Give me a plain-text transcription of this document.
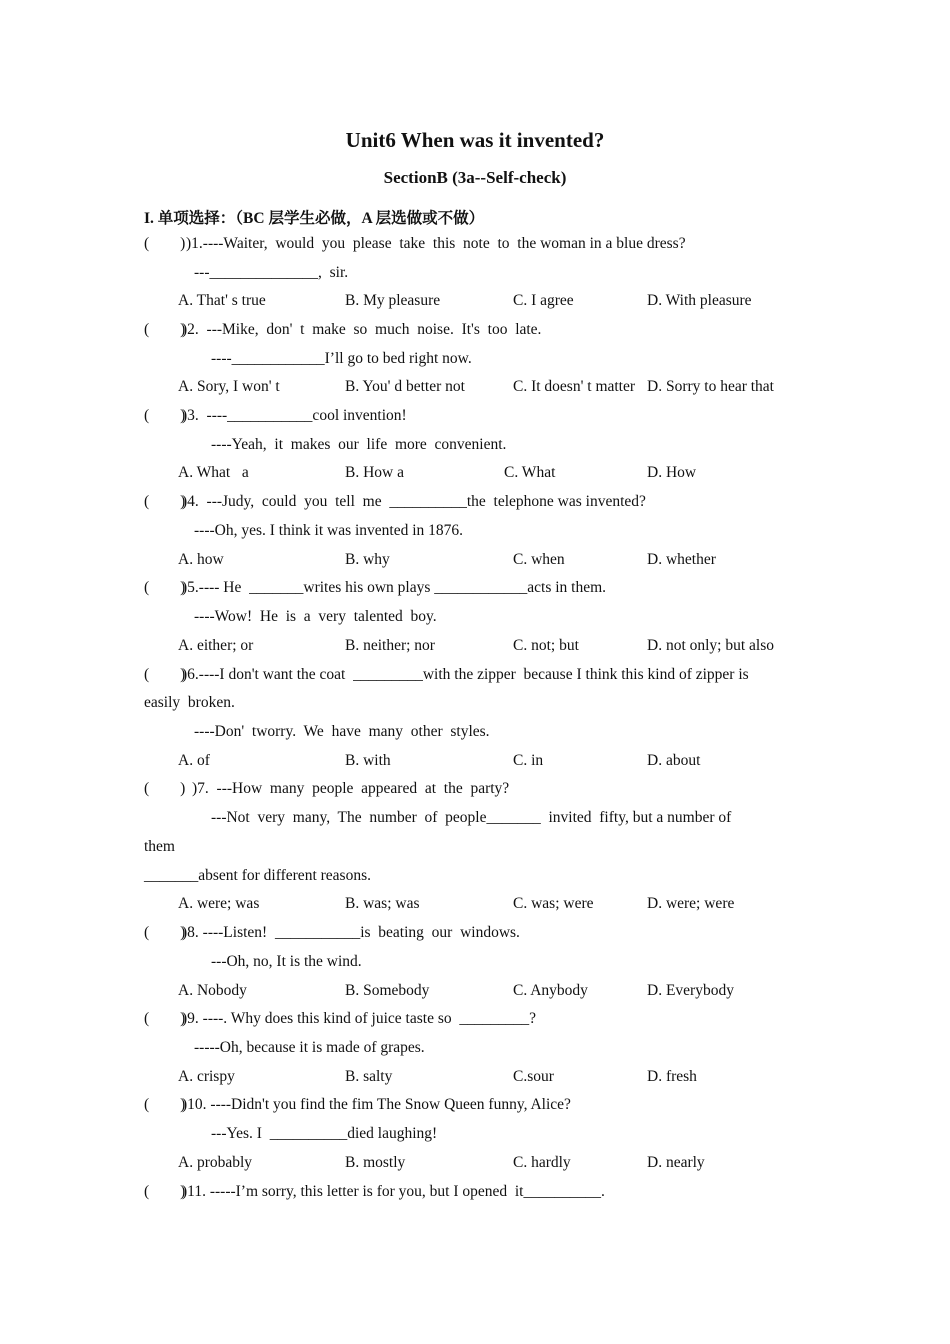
Unit6 When was it invented?
SectionB (3a--Self-check)
I. 单项选择：（BC 层学生必做，A 层选做或不做）
(        ) )1.----Waiter,  would  you  please  take  this  note  to  the woman in a blue dress?
---______________,  sir.
A. That' s true	B. My pleasure	C. I agree	D. With pleasure
(        )
)2.  ---Mike,  don'  t  make  so  much  noise.  It's  too  late.
----____________I’ll go to bed right now.
A. Sory, I won' t	B. You' d better not	C. It doesn' t matter D. Sorry to hear that
(        )
)3.  ----___________cool invention!
----Yeah,  it  makes  our  life  more  convenient.
A. What   a	B. How a	C. What	D. How
(        )
)4.  ---Judy,  could  you  tell  me  __________the  telephone was invented?
----Oh, yes. I think it was invented in 1876.
A. how	B. why	C. when	D. whether
(        )
)5.---- He  _______writes his own plays ____________acts in them.
----Wow!  He  is  a  very  talented  boy.
A. either; or	B. neither; nor	C. not; but	D. not only; but also
(        )
)6.----I don't want the coat  _________with the zipper  because I think this kind of zipper is
easily  broken.
----Don'  tworry.  We  have  many  other  styles.
A. of	B. with	C. in	D. about
(        ) )7.  ---How  many  people  appeared  at  the  party?
---Not  very  many,  The  number  of  people_______  invited  fifty, but a number of
them
_______absent for different reasons.
A. were; was	B. was; was	C. was; were	D. were; were
(        )
)8. ----Listen!  ___________is  beating  our  windows.
---Oh, no, It is the wind.
A. Nobody	B. Somebody	C. Anybody	D. Everybody
(        )
)9. ----. Why does this kind of juice taste so  _________?
-----Oh, because it is made of grapes.
A. crispy	B. salty	C.sour	D. fresh
(        )
)10. ----Didn't you find the fim The Snow Queen funny, Alice?
---Yes. I  __________died laughing!
A. probably	B. mostly	C. hardly	D. nearly
(        )
)11. -----I’m sorry, this letter is for you, but I opened  it__________.
